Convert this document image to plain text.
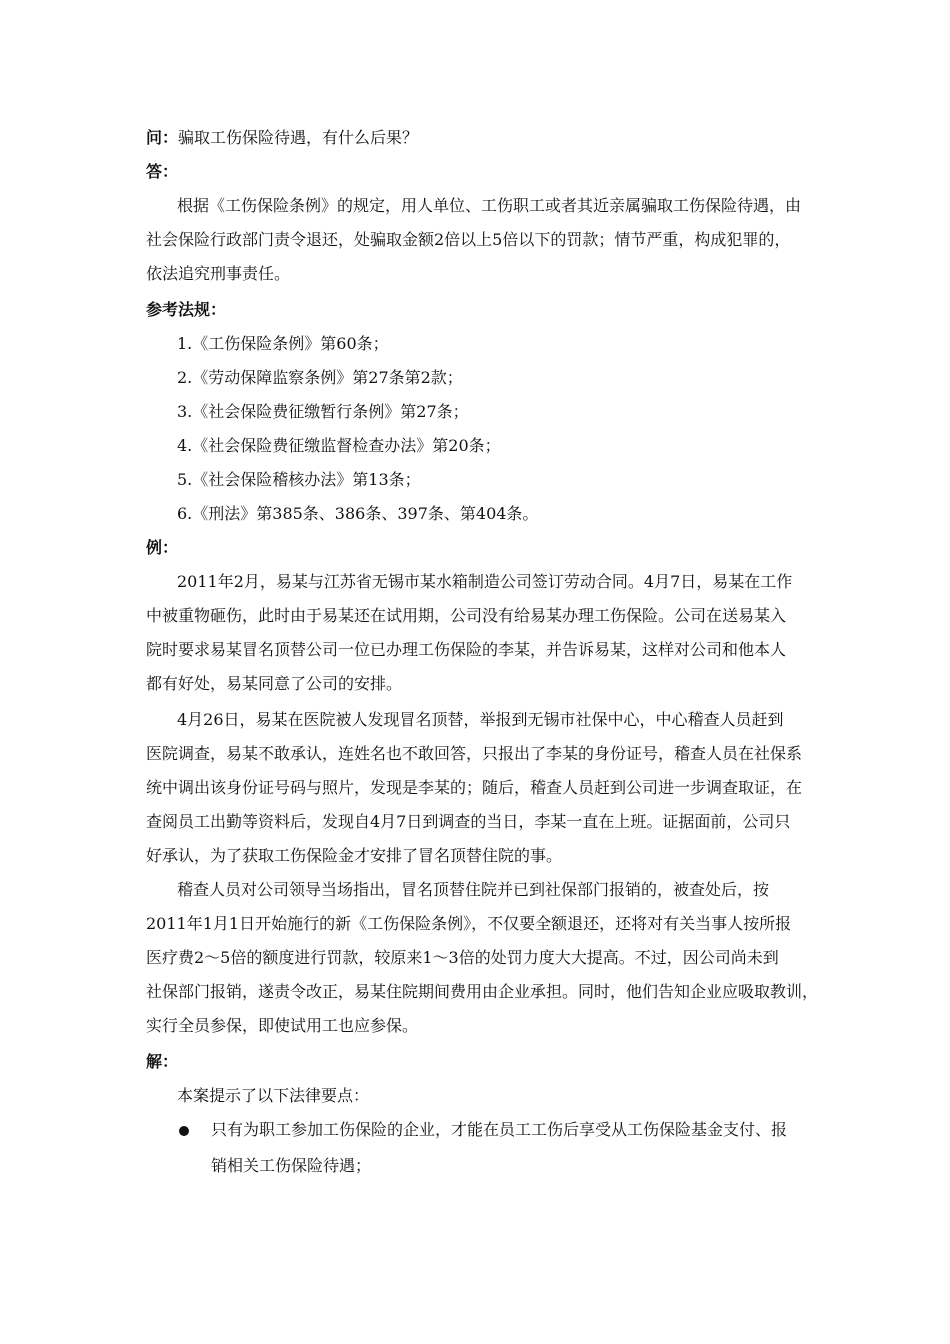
问：骗取工伤保险待遇，有什么后果？
答：
根据《工伤保险条例》的规定，用人单位、工伤职工或者其近亲属骗取工伤保险待遇，由
社会保险行政部门责令退还，处骗取金额2倍以上5倍以下的罚款；情节严重，构成犯罪的，
依法追究刑事责任。
参考法规：
1.《工伤保险条例》第60条；
2.《劳动保障监察条例》第27条第2款；
3.《社会保险费征缴暂行条例》第27条；
4.《社会保险费征缴监督检查办法》第20条；
5.《社会保险稽核办法》第13条；
6.《刑法》第385条、386条、397条、第404条。
例：
2011年2月，易某与江苏省无锡市某水箱制造公司签订劳动合同。4月7日，易某在工作
中被重物砸伤，此时由于易某还在试用期，公司没有给易某办理工伤保险。公司在送易某入
院时要求易某冒名顶替公司一位已办理工伤保险的李某，并告诉易某，这样对公司和他本人
都有好处，易某同意了公司的安排。
4月26日，易某在医院被人发现冒名顶替，举报到无锡市社保中心，中心稽查人员赶到
医院调查，易某不敢承认，连姓名也不敢回答，只报出了李某的身份证号，稽查人员在社保系
统中调出该身份证号码与照片，发现是李某的；随后，稽查人员赶到公司进一步调查取证，在
查阅员工出勤等资料后，发现自4月7日到调查的当日，李某一直在上班。证据面前，公司只
好承认，为了获取工伤保险金才安排了冒名顶替住院的事。
稽查人员对公司领导当场指出，冒名顶替住院并已到社保部门报销的，被查处后，按
2011年1月1日开始施行的新《工伤保险条例》，不仅要全额退还，还将对有关当事人按所报
医疗费2～5倍的额度进行罚款，较原来1～3倍的处罚力度大大提高。不过，因公司尚未到
社保部门报销，遂责令改正，易某住院期间费用由企业承担。同时，他们告知企业应吸取教训，
实行全员参保，即使试用工也应参保。
解：
本案提示了以下法律要点：
只有为职工参加工伤保险的企业，才能在员工工伤后享受从工伤保险基金支付、报
销相关工伤保险待遇；
